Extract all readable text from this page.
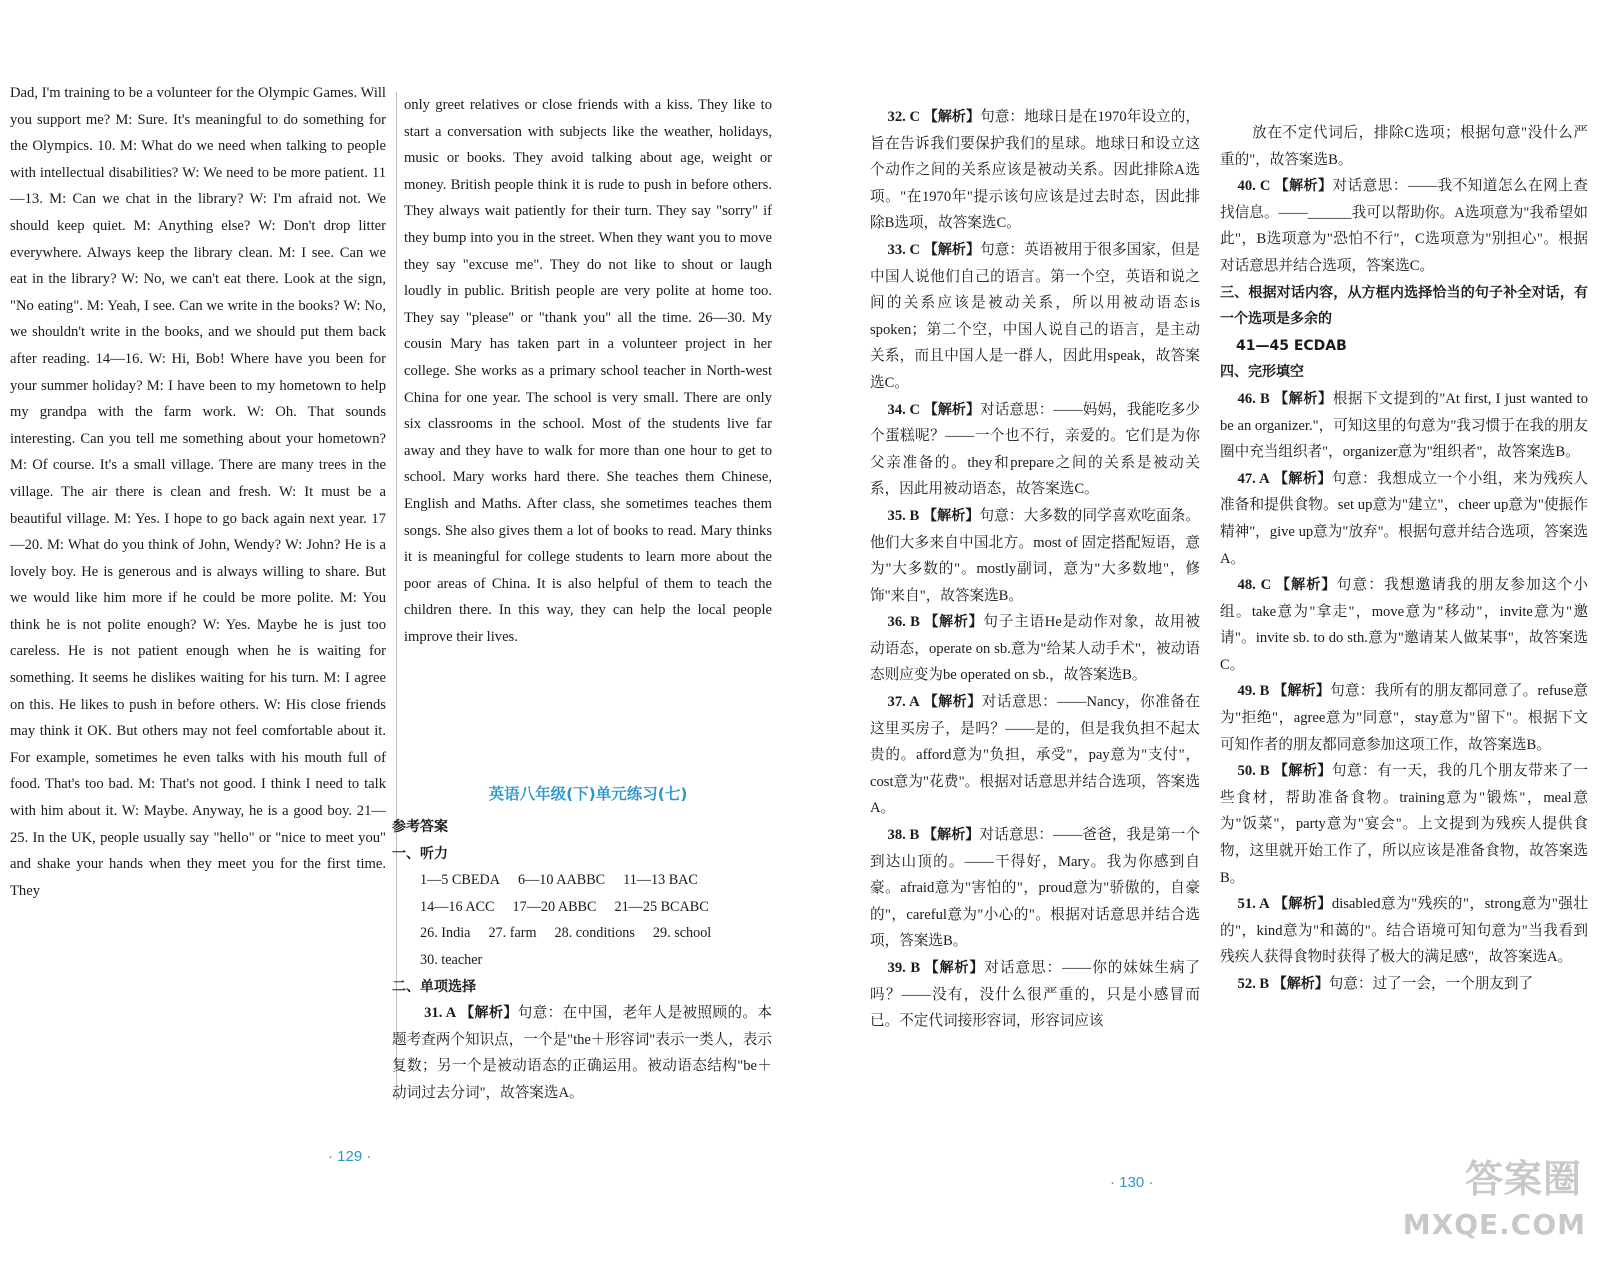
Dad, I'm training to be a volunteer for the Olympic Games. Will you support me? M: Sure. It's meaningful to do something for the Olympics. 10. M: What do we need when talking to people with intellectual disabilities? W: We need to be more patient. 11—13. M: Can we chat in the library? W: I'm afraid not. We should keep quiet. M: Anything else? W: Don't drop litter everywhere. Always keep the library clean. M: I see. Can we eat in the library? W: No, we can't eat there. Look at the sign, "No eating". M: Yeah, I see. Can we write in the books? W: No, we shouldn't write in the books, and we should put them back after reading. 14—16. W: Hi, Bob! Where have you been for your summer holiday? M: I have been to my hometown to help my grandpa with the farm work. W: Oh. That sounds interesting. Can you tell me something about your hometown? M: Of course. It's a small village. There are many trees in the village. The air there is clean and fresh. W: It must be a beautiful village. M: Yes. I hope to go back again next year. 17—20. M: What do you think of John, Wendy? W: John? He is a lovely boy. He is generous and is always willing to share. But we would like him more if he could be more polite. M: You think he is not polite enough? W: Yes. Maybe he is just too careless. He is not patient enough when he is waiting for something. It seems he dislikes waiting for his turn. M: I agree on this. He likes to push in before others. W: His close friends may think it OK. But others may not feel comfortable about it. For example, sometimes he even talks with his mouth full of food. That's too bad. M: That's not good. I think I need to talk with him about it. W: Maybe. Anyway, he is a good boy. 21—25. In the UK, people usually say "hello" or "nice to meet you" and shake your hands when they meet you for the first time. They

only greet relatives or close friends with a kiss. They like to start a conversation with subjects like the weather, holidays, music or books. They avoid talking about age, weight or money. British people think it is rude to push in before others. They always wait patiently for their turn. They say "sorry" if they bump into you in the street. When they want you to move they say "excuse me". They do not like to shout or laugh loudly in public. British people are very polite at home too. They say "please" or "thank you" all the time. 26—30. My cousin Mary has taken part in a volunteer project in her college. She works as a primary school teacher in North-west China for one year. The school is very small. There are only six classrooms in the school. Most of the students live far away and they have to walk for more than one hour to get to school. Mary works hard there. She teaches them Chinese, English and Maths. After class, she sometimes teaches them songs. She also gives them a lot of books to read. Mary thinks it is meaningful for college students to learn more about the poor areas of China. It is also helpful of them to teach the children there. In this way, they can help the local people improve their lives.

英语八年级(下)单元练习(七)

参考答案

一、听力

1—5 CBEDA 6—10 AABBC 11—13 BAC
14—16 ACC 17—20 ABBC 21—25 BCABC
26. India 27. farm 28. conditions 29. school
30. teacher

二、单项选择

31. A 【解析】句意：在中国，老年人是被照顾的。本题考查两个知识点，一个是"the＋形容词"表示一类人，表示复数；另一个是被动语态的正确运用。被动语态结构"be＋动词过去分词"，故答案选A。

· 129 ·

32. C 【解析】句意：地球日是在1970年设立的，旨在告诉我们要保护我们的星球。地球日和设立这个动作之间的关系应该是被动关系。因此排除A选项。"在1970年"提示该句应该是过去时态，因此排除B选项，故答案选C。

33. C 【解析】句意：英语被用于很多国家，但是中国人说他们自己的语言。第一个空，英语和说之间的关系应该是被动关系，所以用被动语态is spoken；第二个空，中国人说自己的语言，是主动关系，而且中国人是一群人，因此用speak，故答案选C。

34. C 【解析】对话意思：——妈妈，我能吃多少个蛋糕呢？——一个也不行，亲爱的。它们是为你父亲准备的。they和prepare之间的关系是被动关系，因此用被动语态，故答案选C。

35. B 【解析】句意：大多数的同学喜欢吃面条。他们大多来自中国北方。most of 固定搭配短语，意为"大多数的"。mostly副词，意为"大多数地"，修饰"来自"，故答案选B。

36. B 【解析】句子主语He是动作对象，故用被动语态，operate on sb.意为"给某人动手术"，被动语态则应变为be operated on sb.，故答案选B。

37. A 【解析】对话意思：——Nancy，你准备在这里买房子，是吗？——是的，但是我负担不起太贵的。afford意为"负担，承受"，pay意为"支付"，cost意为"花费"。根据对话意思并结合选项，答案选A。

38. B 【解析】对话意思：——爸爸，我是第一个到达山顶的。——干得好，Mary。我为你感到自豪。afraid意为"害怕的"，proud意为"骄傲的，自豪的"，careful意为"小心的"。根据对话意思并结合选项，答案选B。

39. B 【解析】对话意思：——你的妹妹生病了吗？——没有，没什么很严重的，只是小感冒而已。不定代词接形容词，形容词应该

放在不定代词后，排除C选项；根据句意"没什么严重的"，故答案选B。

40. C 【解析】对话意思：——我不知道怎么在网上查找信息。——______我可以帮助你。A选项意为"我希望如此"，B选项意为"恐怕不行"，C选项意为"别担心"。根据对话意思并结合选项，答案选C。

三、根据对话内容，从方框内选择恰当的句子补全对话，有一个选项是多余的

41—45 ECDAB

四、完形填空

46. B 【解析】根据下文提到的"At first, I just wanted to be an organizer."，可知这里的句意为"我习惯于在我的朋友圈中充当组织者"，organizer意为"组织者"，故答案选B。

47. A 【解析】句意：我想成立一个小组，来为残疾人准备和提供食物。set up意为"建立"，cheer up意为"使振作精神"，give up意为"放弃"。根据句意并结合选项，答案选A。

48. C 【解析】句意：我想邀请我的朋友参加这个小组。take意为"拿走"，move意为"移动"，invite意为"邀请"。invite sb. to do sth.意为"邀请某人做某事"，故答案选C。

49. B 【解析】句意：我所有的朋友都同意了。refuse意为"拒绝"，agree意为"同意"，stay意为"留下"。根据下文可知作者的朋友都同意参加这项工作，故答案选B。

50. B 【解析】句意：有一天，我的几个朋友带来了一些食材，帮助准备食物。training意为"锻炼"，meal意为"饭菜"，party意为"宴会"。上文提到为残疾人提供食物，这里就开始工作了，所以应该是准备食物，故答案选B。

51. A 【解析】disabled意为"残疾的"，strong意为"强壮的"，kind意为"和蔼的"。结合语境可知句意为"当我看到残疾人获得食物时获得了极大的满足感"，故答案选A。

52. B 【解析】句意：过了一会，一个朋友到了

· 130 ·	答案圈
MXQE.COM
